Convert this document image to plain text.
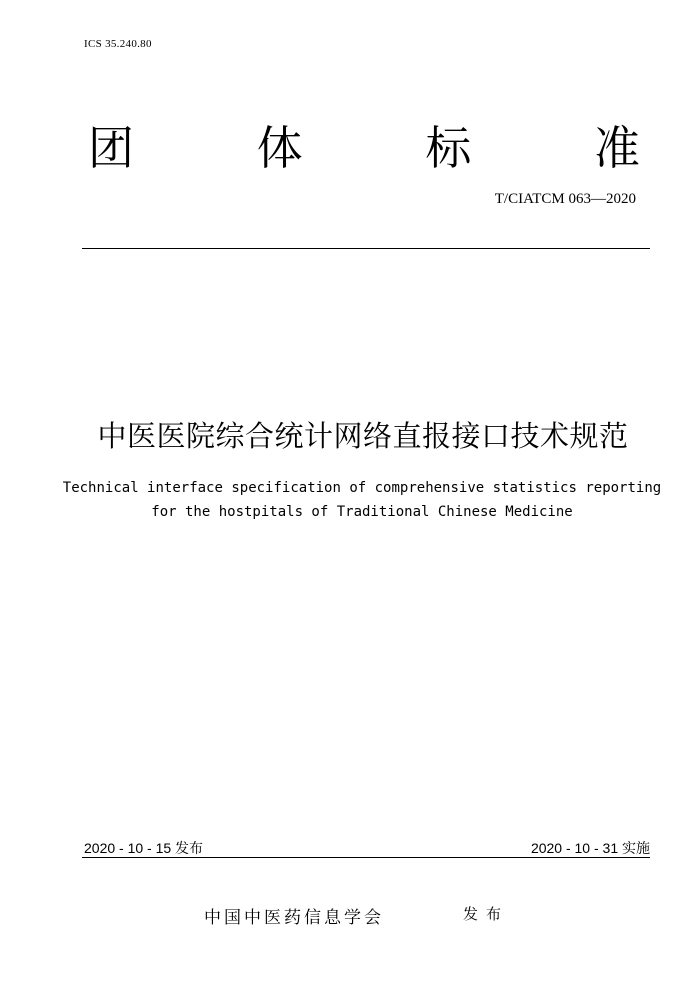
ICS 35.240.80
团	体	标	准
T/CIATCM 063—2020
中医医院综合统计网络直报接口技术规范
Technical interface specification of comprehensive statistics reporting
for the hostpitals of Traditional Chinese Medicine
2020 - 10 - 15 发布	2020 - 10 - 31 实施
中国中医药信息学会	发布
